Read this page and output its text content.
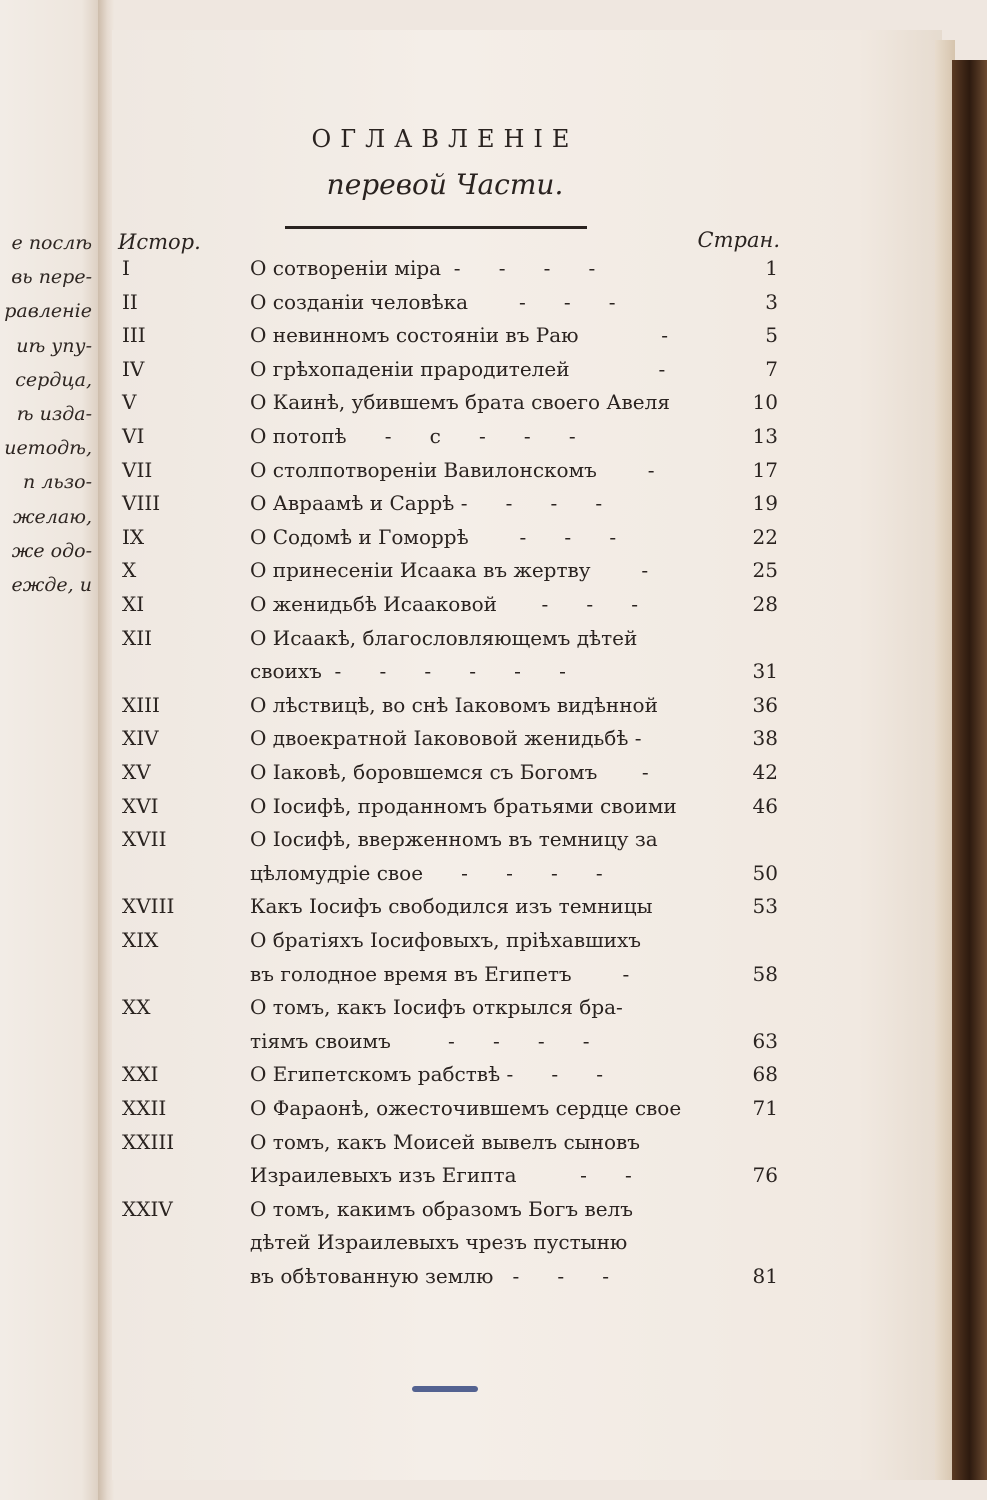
ОГЛАВЛЕНІЕ
перевой Части.
Истор.	Стран.
I	О сотвореніи міра  -      -      -      -	1
II	О созданіи человѣка        -      -      -	3
III	О невинномъ состояніи въ Раю             -	5
IV	О грѣхопаденіи прародителей              -	7
V	О Каинѣ, убившемъ брата своего Авеля	10
VI	О потопѣ      -      с      -      -      -	13
VII	О столпотвореніи Вавилонскомъ        -	17
VIII	О Авраамѣ и Саррѣ -      -      -      -	19
IX	О Содомѣ и Гоморрѣ        -      -      -	22
X	О принесеніи Исаака въ жертву        -	25
XI	О женидьбѣ Исааковой       -      -      -	28
XII	О Исаакѣ, благословляющемъ дѣтей
своихъ  -      -      -      -      -      -	31
XIII	О лѣствицѣ, во снѣ Іаковомъ видѣнной	36
XIV	О двоекратной Іакововой женидьбѣ -	38
XV	О Іаковѣ, боровшемся съ Богомъ       -	42
XVI	О Іосифѣ, проданномъ братьями своими	46
XVII	О Іосифѣ, вверженномъ въ темницу за
цѣломудріе свое      -      -      -      -	50
XVIII	Какъ Іосифъ свободился изъ темницы	53
XIX	О братіяхъ Іосифовыхъ, пріѣхавшихъ
въ голодное время въ Египетъ        -	58
XX	О томъ, какъ Іосифъ открылся бра-
тіямъ своимъ         -      -      -      -	63
XXI	О Египетскомъ рабствѣ -      -      -	68
XXII	О Фараонѣ, ожесточившемъ сердце свое	71
XXIII	О томъ, какъ Моисей вывелъ сыновъ
Израилевыхъ изъ Египта          -      -	76
XXIV	О томъ, какимъ образомъ Богъ велъ
дѣтей Израилевыхъ чрезъ пустыню
въ обѣтованную землю   -      -      -	81
е послѣ
вь пере-
равленіе
иѣ упу-
сердца,
ѣ изда-
иетодѣ,
п льзо-
желаю,
же одо-
ежде, и
